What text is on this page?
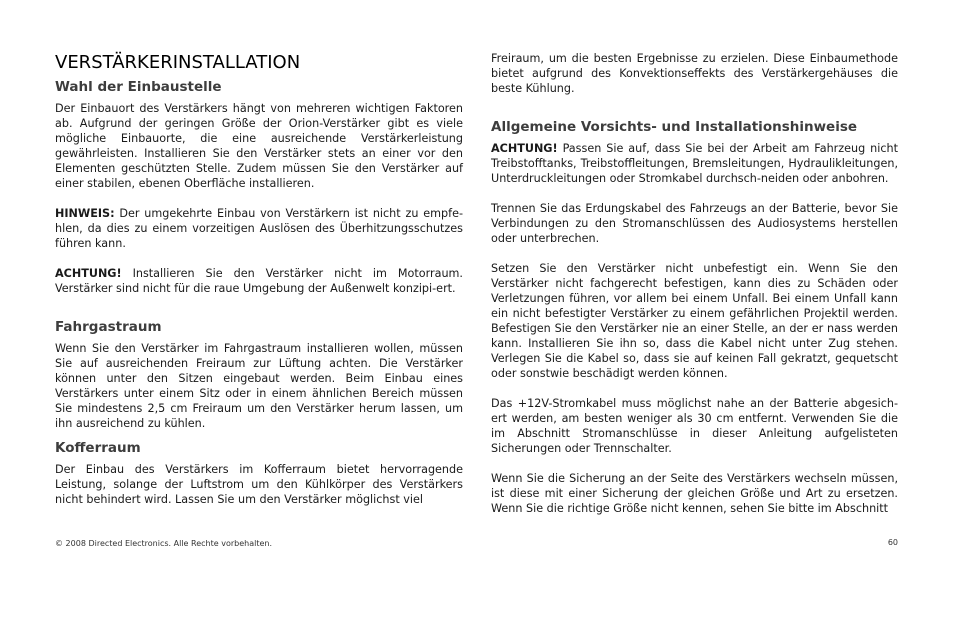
VERSTÄRKERINSTALLATION
Wahl der Einbaustelle

Der Einbauort des Verstärkers hängt von mehreren wichtigen Faktoren ab. Aufgrund der geringen Größe der Orion-Verstärker gibt es viele mögliche Einbauorte, die eine ausreichende Verstärkerleistung gewährleisten. Installieren Sie den Verstärker stets an einer vor den Elementen geschützten Stelle. Zudem müssen Sie den Verstärker auf einer stabilen, ebenen Oberfläche installieren.

HINWEIS: Der umgekehrte Einbau von Verstärkern ist nicht zu empfe-hlen, da dies zu einem vorzeitigen Auslösen des Überhitzungsschutzes führen kann.

ACHTUNG! Installieren Sie den Verstärker nicht im Motorraum. Verstärker sind nicht für die raue Umgebung der Außenwelt konzipi-ert.

Fahrgastraum

Wenn Sie den Verstärker im Fahrgastraum installieren wollen, müssen Sie auf ausreichenden Freiraum zur Lüftung achten. Die Verstärker können unter den Sitzen eingebaut werden. Beim Einbau eines Verstärkers unter einem Sitz oder in einem ähnlichen Bereich müssen Sie mindestens 2,5 cm Freiraum um den Verstärker herum lassen, um ihn ausreichend zu kühlen.

Kofferraum

Der Einbau des Verstärkers im Kofferraum bietet hervorragende Leistung, solange der Luftstrom um den Kühlkörper des Verstärkers nicht behindert wird. Lassen Sie um den Verstärker möglichst viel

Freiraum, um die besten Ergebnisse zu erzielen. Diese Einbaumethode bietet aufgrund des Konvektionseffekts des Verstärkergehäuses die beste Kühlung.

Allgemeine Vorsichts- und Installationshinweise

ACHTUNG! Passen Sie auf, dass Sie bei der Arbeit am Fahrzeug nicht Treibstofftanks, Treibstoffleitungen, Bremsleitungen, Hydraulikleitungen, Unterdruckleitungen oder Stromkabel durchsch-neiden oder anbohren.

Trennen Sie das Erdungskabel des Fahrzeugs an der Batterie, bevor Sie Verbindungen zu den Stromanschlüssen des Audiosystems herstellen oder unterbrechen.

Setzen Sie den Verstärker nicht unbefestigt ein. Wenn Sie den Verstärker nicht fachgerecht befestigen, kann dies zu Schäden oder Verletzungen führen, vor allem bei einem Unfall. Bei einem Unfall kann ein nicht befestigter Verstärker zu einem gefährlichen Projektil werden. Befestigen Sie den Verstärker nie an einer Stelle, an der er nass werden kann. Installieren Sie ihn so, dass die Kabel nicht unter Zug stehen. Verlegen Sie die Kabel so, dass sie auf keinen Fall gekratzt, gequetscht oder sonstwie beschädigt werden können.

Das +12V-Stromkabel muss möglichst nahe an der Batterie abgesich-ert werden, am besten weniger als 30 cm entfernt. Verwenden Sie die im Abschnitt Stromanschlüsse in dieser Anleitung aufgelisteten Sicherungen oder Trennschalter.

Wenn Sie die Sicherung an der Seite des Verstärkers wechseln müssen, ist diese mit einer Sicherung der gleichen Größe und Art zu ersetzen. Wenn Sie die richtige Größe nicht kennen, sehen Sie bitte im Abschnitt

© 2008 Directed Electronics. Alle Rechte vorbehalten.	60
